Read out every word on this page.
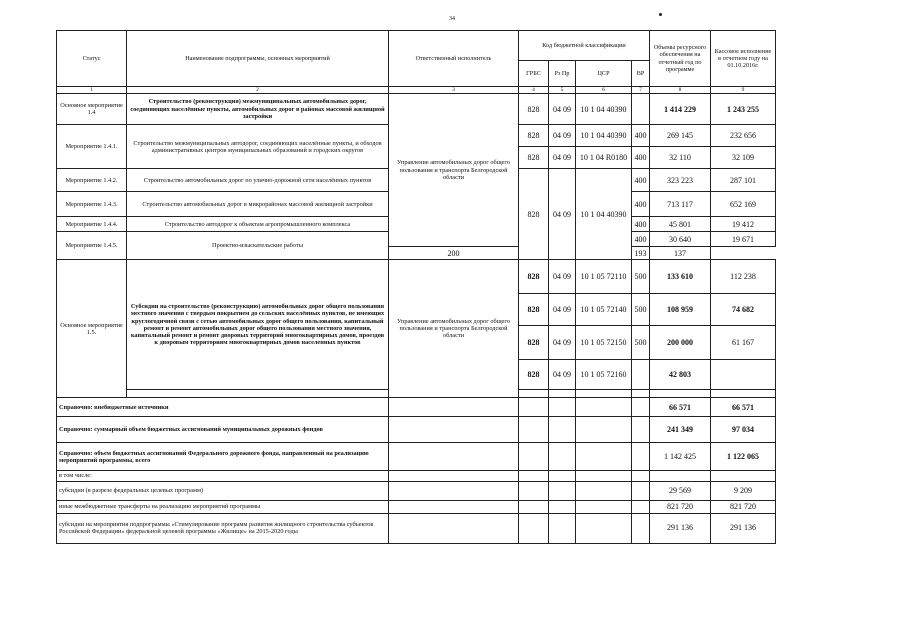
34
Статус	Наименование подпрограммы, основных мероприятий	Ответственный исполнитель	Код бюджетной классификации				Объемы ресурсного обеспечения на отчетный год по программе	Кассовое исполнение в отчетном году на 01.10.2016г.
			ГРБС	Рз Пр	ЦСР	ВР		
1	2	3	4	5	6	7	8	9
Основное мероприятие 1.4	Строительство (реконструкция) межмуниципальных автомобильных дорог, соединяющих населённые пункты, автомобильных дорог в районах массовой жилищной застройки	Управление автомобильных дорог общего пользования и транспорта Белгородской области	828	04 09	10 1 04 40390		1 414 229	1 243 255
Мероприятие 1.4.1.	Строительство межмуниципальных автодорог, соединяющих населённые пункты, и обходов административных центров муниципальных образований и городских округов		828	04 09	10 1 04 40390	400	269 145	232 656
			828	04 09	10 1 04 R0180	400	32 110	32 109
Мероприятие 1.4.2.	Строительство автомобильных дорог по улично-дорожной сети населённых пунктов		828	04 09	10 1 04 40390	400	323 223	287 101
Мероприятие 1.4.3.	Строительство автомобильных дорог в микрорайонах массовой жилищной застройки					400	713 117	652 169
Мероприятие 1.4.4.	Строительство автодорог к объектам агропромышленного комплекса					400	45 801	19 412
Мероприятие 1.4.5.	Проектно-изыскательские работы					400	30 640	19 671
		200				193	137	
Основное мероприятие 1.5.	Субсидии на строительство (реконструкцию) автомобильных дорог общего пользования местного значения с твердым покрытием до сельских населённых пунктов, не имеющих круглогодичной связи с сетью автомобильных дорог общего пользования, капитальный ремонт и ремонт автомобильных дорог общего пользования местного значения, капитальный ремонт и ремонт дворовых территорий многоквартирных домов, проездов к дворовым территориям многоквартирных домов населенных пунктов	Управление автомобильных дорог общего пользования и транспорта Белгородской области	828	04 09	10 1 05 72110	500	133 610	112 238
			828	04 09	10 1 05 72140	500	108 959	74 682
			828	04 09	10 1 05 72150	500	200 000	61 167
			828	04 09	10 1 05 72160		42 803	

Справочно: внебюджетные источники							66 571	66 571
Справочно: суммарный объем бюджетных ассигнований муниципальных дорожных фондов							241 349	97 034
Справочно: объем бюджетных ассигнований Федерального дорожного фонда, направленный на реализацию мероприятий программы, всего							1 142 425	1 122 065
в том числе:								
субсидии (в разрезе федеральных целевых программ)							29 569	9 209
иные межбюджетные трансферты на реализацию мероприятий программы							821 720	821 720
субсидии на мероприятия подпрограммы «Стимулирование программ развития жилищного строительства субъектов Российской Федерации» федеральной целевой программы «Жилище» на 2015-2020 годы							291 136	291 136
